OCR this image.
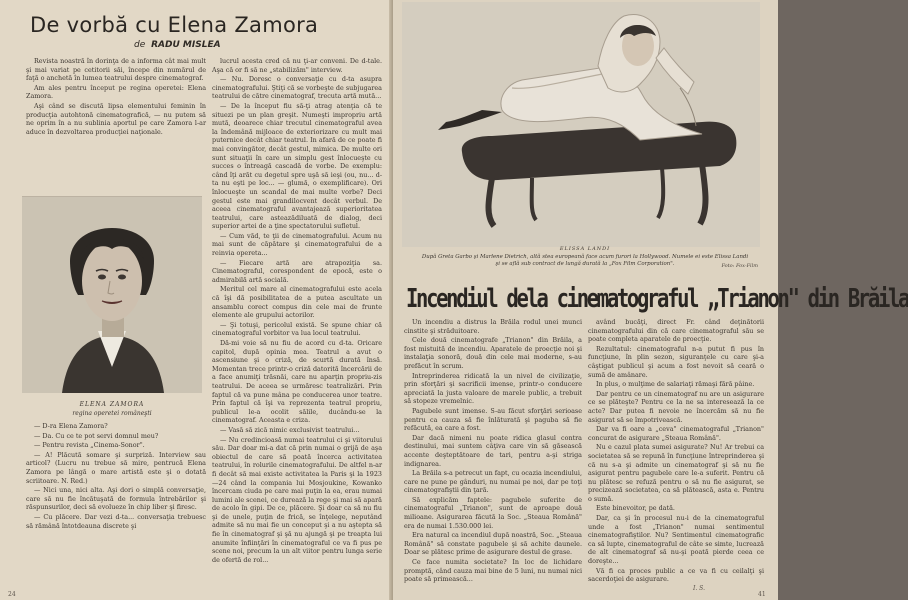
De vorbă cu Elena Zamora
de RADU MISLEA

Revista noastră în dorinţa de a informa cât mai mult şi mai variat pe cetitorii săi, începe din numărul de faţă o anchetă în lumea teatrului despre cinematograf.

Am ales pentru început pe regina operetei: Elena Zamora.

Aşi când se discută lipsa elementului feminin în producţia autohtonă cinematografică, — nu putem să ne oprim în a nu sublinia aportul pe care Zamora l-ar aduce în dezvoltarea producţiei naţionale.

ELENA ZAMORA
regina operetei româneşti

— D-ra Elena Zamora?

— Da. Cu ce te pot servi domnul meu?

— Pentru revista „Cinema-Sonor".

— A! Plăcută somare şi surpriză. Interview sau articol? (Lucru nu trebue să mire, pentrucă Elena Zamora pe lângă o mare artistă este şi o dotată scriitoare. N. Red.)

— Nici una, nici alta. Aşi dori o simplă conversaţie, care să nu fie încătuşată de formula întrebărilor şi răspunsurilor, deci să evolueze în chip liber şi firesc.

— Cu plăcere. Dar vezi d-ta... conversaţia trebuesc să rămână întotdeauna discrete şi

lucrul acesta cred că nu ţi-ar conveni. De d-tale. Aşa că or fi să ne „stabilizăm" interview.

— Nu. Doresc o conversaţie cu d-ta asupra cinematografului. Ştiţi că se vorbeşte de subjugarea teatrului de către cinematograf, trecuta artă mută...

— De la început fiu să-ţi atrag atenţia că te situezi pe un plan greşit. Numeşti impropriu artă mută, deoarece chiar trecutul cinematograful avea la îndemână mijloace de exteriorizare cu mult mai puternice decât chiar teatrul. In afară de ce poate fi mai convingător, decât gestul, mimica. De multe ori sunt situaţii în care un simplu gest înlocueşte cu succes o întreagă cascadă de vorbe. De exemplu: când îţi arăt cu degetul spre uşă să ieşi (ou, nu... d-ta nu eşti pe loc... — glumă, o exemplificare). Ori înlocueşte un scandal de mai multe vorbe? Deci gestul este mai grandilocvent decât verbul. De aceea cinematograful avantajează superioritatea teatrului, care asteazădiluată de dialog, deci superior artei de a ţine spectatorului sufletul.

— Cum văd, te ţii de cinematografului. Acum nu mai sunt de căpătare şi cinematografului de a reinvia opereta...

— Fiecare artă are atrapoziţia sa. Cinematograful, corespondent de epocă, este o admirabilă artă socială.

Meritul cel mare al cinematografului este acela că îşi dă posibilitatea de a putea ascultate un ansamblu corect compus din cele mai de frunte elemente ale grupului actorilor.

— Şi totuşi, pericolul există. Se spune chiar că cinematograful vorbitor va lua locul teatrului.

Dă-mi voie să nu fiu de acord cu d-ta. Oricare capitol, după opinia mea. Teatrul a avut o ascensiune şi o criză, de scurtă durată însă. Momentan trece printr-o criză datorită încercării de a face anumiţi trăsnăi, care nu aparţin propriu-zis teatrului. De aceea se urmăresc teatralizări. Prin faptul că va pune mâna pe conducerea unor teatre. Prin faptul că îşi va reprezenta teatrul propriu, publicul le-a ocolit sălile, ducându-se la cinematograf. Aceasta e criza.

— Vasă să zică nimic exclusivist teatrului...

— Nu credincioasă numai teatrului ci şi viitorului său. Dar doar mi-a dat că prin numai o grijă de aşa obiectul de care să poată încerca activitatea teatrului, în rolurile cinematografului. De altfel n-ar fi decât să mai existe activitatea la Paris şi la 1923—24 când la compania lui Mosjoukine, Kowanko încercam ciuda pe care mai puţin la ea, erau numai lumini ale scenei, ce durează la rege şi mai să apară de acolo în gipi. De ce, plăcere. Şi doar ca să nu fiu şi de unele, puţin de frică, se înţelege, neputând admite să nu mai fie un conceput şi a nu aştepta să fie în cinematograf şi şă nu ajungă şi pe treapta lui anumite înfiinţări în cinematograful ce va fi pus pe scene noi, precum la un alt viitor pentru lunga serie de ofertă de rol...

24
ELISSA LANDI
După Greta Garbo şi Marlene Dietrich, altă stea europeană face acum furori la Hollywood. Numele ei este Elissa Landi şi se află sub contract de lungă durată la „Fox Film Corporation".	Foto: Fox-Film
Incendiul dela cinematograful „Trianon" din Brăila

Un incendiu a distrus la Brăila rodul unei munci cinstite şi străduitoare.

Cele două cinematografe „Trianon" din Brăila, a fost mistuită de incendiu. Aparatele de proecţie noi şi instalaţia sonoră, două din cele mai moderne, s-au prefăcut în scrum.

Intreprinderea ridicată la un nivel de civilizaţie, prin sforţări şi sacrificii imense, printr-o conducere apreciată la justa valoare de marele public, a trebuit să stopeze vremelnic.

Pagubele sunt imense. S-au făcut sforţări serioase pentru ca cauza să fie înlăturată şi paguba să fie refăcută, ea care a fost.

Dar dacă nimeni nu poate ridica glasul contra destinului, mai suntem câţiva care vin să găsească accente deşteptătoare de tari, pentru a-şi striga indignarea.

La Brăila s-a petrecut un fapt, cu ocazia incendiului, care ne pune pe gânduri, nu numai pe noi, dar pe toţi cinematografiştii din ţară.

Să explicăm faptele: pagubele suferite de cinematograful „Trianon", sunt de aproape două milioane. Asigurarea făcută la Soc. „Steaua Română" era de numai 1.530.000 lei.

Era natural ca incendiul după noastră, Soc. „Steaua Română" să constate pagubele şi să achite daunele. Doar se plătesc prime de asigurare destul de grase.

Ce face numita societate? In loc de lichidare promptă, când cauza mai bine de 5 luni, nu numai nici poate să primească...

având bucăţi, direct Fr. când deţinătorii cinematografului din că care cinematograful său se poate completa aparatele de proecţie.

Rezultatul: cinematograful n-a putut fi pus în funcţiune, în plin sezon, siguranţele cu care şi-a câştigat publicul şi acum a fost nevoit să ceară o sumă de amânare.

In plus, o mulţime de salariaţi rămaşi fără pâine.

Dar pentru ce un cinematograf nu are un asigurare ce se plăteşte? Pentru ce la ne sa interesează la ce acte? Dar putea fi nevoie ne încercăm să nu fie asigurat să se împotrivească.

Dar va fi oare a „ceva" cinematograful „Trianon" concurat de asigurare „Steaua Română".

Nu e cazul plata sumei asigurate? Nu! Ar trebui ca societatea să se repună în funcţiune întreprinderea şi că nu s-a şi admite un cinematograf şi să nu fie asigurat pentru pagubele care le-a suferit. Pentru că nu plătesc se refuză pentru o să nu fie asigurat, se precizează societatea, ca să plătească, asta e. Pentru o sumă.

Este binevoitor, pe dată.

Dar, ca şi în procesul nu-i de la cinematograful unde a fost „Trianon" numai sentimentul cinematografiştilor. Nu? Sentimentul cinematografic ca să lupte, cinematograful de câte se simte, lucrează de alt cinematograf să nu-şi poată pierde ceea ce doreşte...

Vă fi ca proces public a ce va fi cu ceilalţi şi sacerdoţiei de asigurare.

I. S.
41
